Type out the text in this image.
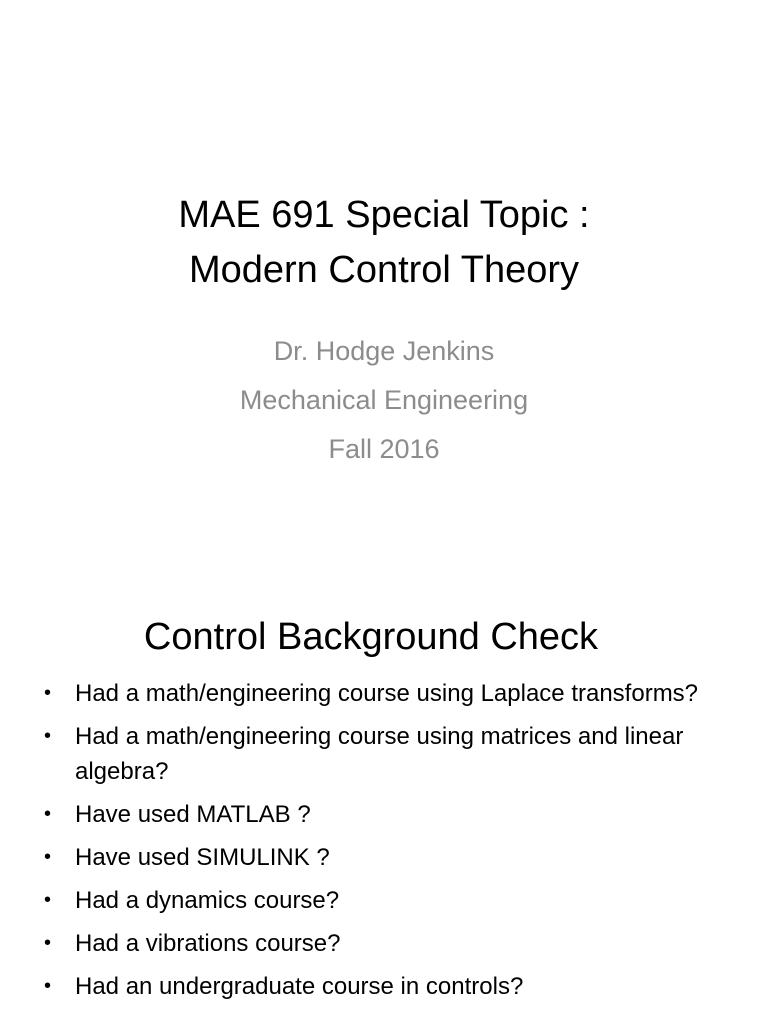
MAE 691 Special Topic :
Modern Control Theory
Dr. Hodge Jenkins
Mechanical Engineering
Fall 2016
Control Background Check
• Had a math/engineering course using Laplace transforms?
• Had a math/engineering course using matrices and linear algebra?
• Have used MATLAB ?
• Have used SIMULINK ?
• Had a dynamics course?
• Had a vibrations course?
• Had an undergraduate course in controls?
